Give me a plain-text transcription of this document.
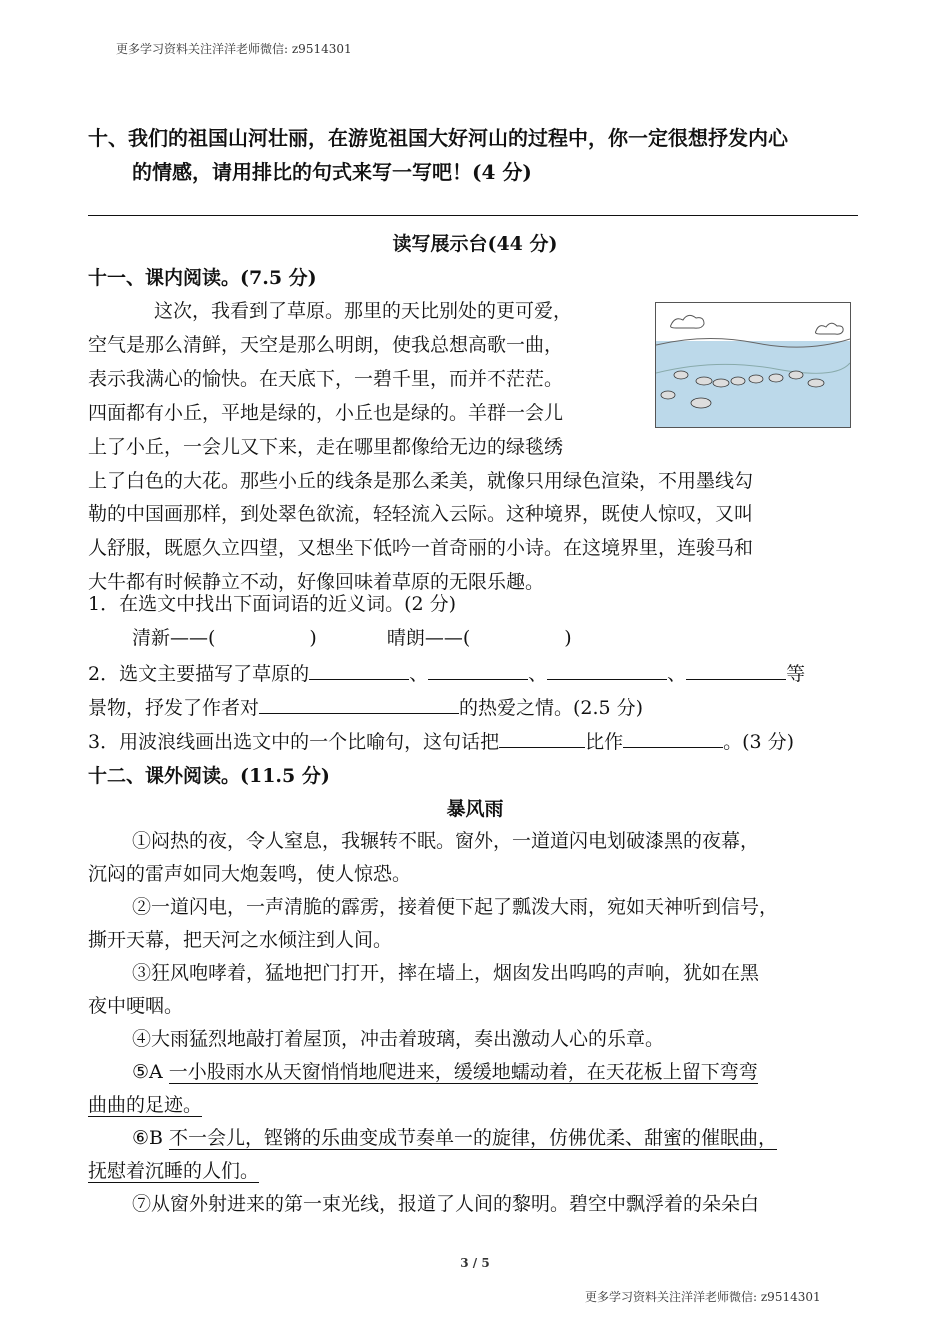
更多学习资料关注洋洋老师微信: z9514301
十、我们的祖国山河壮丽，在游览祖国大好河山的过程中，你一定很想抒发内心
的情感，请用排比的句式来写一写吧！(4 分)
读写展示台(44 分)
十一、课内阅读。(7.5 分)
这次，我看到了草原。那里的天比别处的更可爱，
空气是那么清鲜，天空是那么明朗，使我总想高歌一曲，
表示我满心的愉快。在天底下，一碧千里，而并不茫茫。
四面都有小丘，平地是绿的，小丘也是绿的。羊群一会儿
上了小丘，一会儿又下来，走在哪里都像给无边的绿毯绣
上了白色的大花。那些小丘的线条是那么柔美，就像只用绿色渲染，不用墨线勾
勒的中国画那样，到处翠色欲流，轻轻流入云际。这种境界，既使人惊叹，又叫
人舒服，既愿久立四望，又想坐下低吟一首奇丽的小诗。在这境界里，连骏马和
大牛都有时候静立不动，好像回味着草原的无限乐趣。
1．在选文中找出下面词语的近义词。(2 分)
清新——(	)	晴朗——(	)
2．选文主要描写了草原的	、	、	、	等
景物，抒发了作者对	的热爱之情。(2.5 分)
3．用波浪线画出选文中的一个比喻句，这句话把	比作	。(3 分)
十二、课外阅读。(11.5 分)
暴风雨
①闷热的夜，令人窒息，我辗转不眠。窗外，一道道闪电划破漆黑的夜幕，
沉闷的雷声如同大炮轰鸣，使人惊恐。
②一道闪电，一声清脆的霹雳，接着便下起了瓢泼大雨，宛如天神听到信号，
撕开天幕，把天河之水倾注到人间。
③狂风咆哮着，猛地把门打开，摔在墙上，烟囱发出呜呜的声响，犹如在黑
夜中哽咽。
④大雨猛烈地敲打着屋顶，冲击着玻璃，奏出激动人心的乐章。
⑤A 一小股雨水从天窗悄悄地爬进来，缓缓地蠕动着，在天花板上留下弯弯
曲曲的足迹。
⑥B 不一会儿，铿锵的乐曲变成节奏单一的旋律，仿佛优柔、甜蜜的催眠曲，
抚慰着沉睡的人们。
⑦从窗外射进来的第一束光线，报道了人间的黎明。碧空中飘浮着的朵朵白
3 / 5
更多学习资料关注洋洋老师微信: z9514301
